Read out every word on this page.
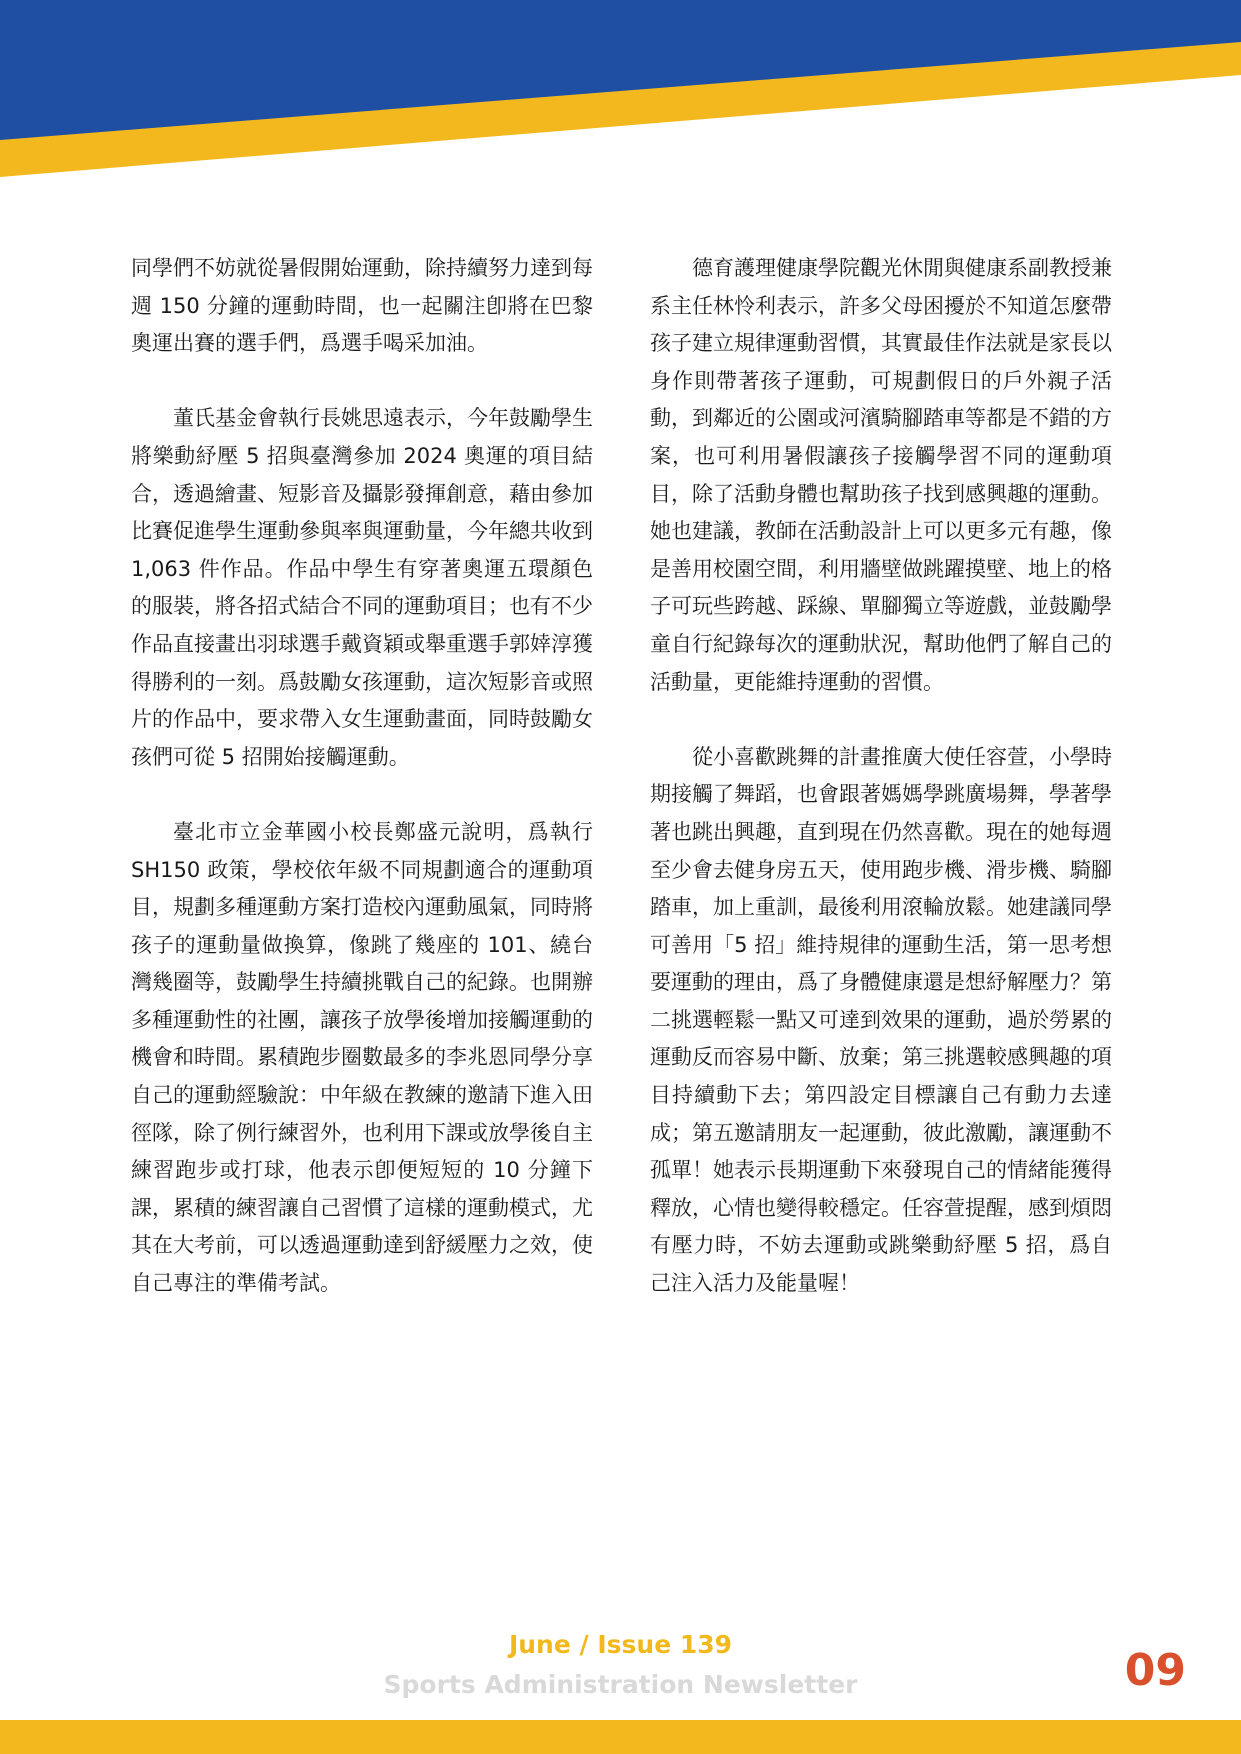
同學們不妨就從暑假開始運動，除持續努力達到每週 150 分鐘的運動時間，也一起關注卽將在巴黎奧運出賽的選手們，爲選手喝采加油。

董氏基金會執行長姚思遠表示，今年鼓勵學生將樂動紓壓 5 招與臺灣參加 2024 奧運的項目結合，透過繪畫、短影音及攝影發揮創意，藉由參加比賽促進學生運動參與率與運動量，今年總共收到 1,063 件作品。作品中學生有穿著奧運五環顏色的服裝，將各招式結合不同的運動項目；也有不少作品直接畫出羽球選手戴資穎或舉重選手郭婞淳獲得勝利的一刻。爲鼓勵女孩運動，這次短影音或照片的作品中，要求帶入女生運動畫面，同時鼓勵女孩們可從 5 招開始接觸運動。

臺北市立金華國小校長鄭盛元說明，爲執行 SH150 政策，學校依年級不同規劃適合的運動項目，規劃多種運動方案打造校內運動風氣，同時將孩子的運動量做換算，像跳了幾座的 101、繞台灣幾圈等，鼓勵學生持續挑戰自己的紀錄。也開辦多種運動性的社團，讓孩子放學後增加接觸運動的機會和時間。累積跑步圈數最多的李兆恩同學分享自己的運動經驗說：中年級在教練的邀請下進入田徑隊，除了例行練習外，也利用下課或放學後自主練習跑步或打球，他表示卽便短短的 10 分鐘下課，累積的練習讓自己習慣了這樣的運動模式，尤其在大考前，可以透過運動達到舒緩壓力之效，使自己專注的準備考試。

德育護理健康學院觀光休閒與健康系副教授兼系主任林怜利表示，許多父母困擾於不知道怎麼帶孩子建立規律運動習慣，其實最佳作法就是家長以身作則帶著孩子運動，可規劃假日的戶外親子活動，到鄰近的公園或河濱騎腳踏車等都是不錯的方案，也可利用暑假讓孩子接觸學習不同的運動項目，除了活動身體也幫助孩子找到感興趣的運動。她也建議，教師在活動設計上可以更多元有趣，像是善用校園空間，利用牆壁做跳躍摸壁、地上的格子可玩些跨越、踩線、單腳獨立等遊戲，並鼓勵學童自行紀錄每次的運動狀況，幫助他們了解自己的活動量，更能維持運動的習慣。

從小喜歡跳舞的計畫推廣大使任容萱，小學時期接觸了舞蹈，也會跟著媽媽學跳廣場舞，學著學著也跳出興趣，直到現在仍然喜歡。現在的她每週至少會去健身房五天，使用跑步機、滑步機、騎腳踏車，加上重訓，最後利用滾輪放鬆。她建議同學可善用「5 招」維持規律的運動生活，第一思考想要運動的理由，爲了身體健康還是想紓解壓力？第二挑選輕鬆一點又可達到效果的運動，過於勞累的運動反而容易中斷、放棄；第三挑選較感興趣的項目持續動下去；第四設定目標讓自己有動力去達成；第五邀請朋友一起運動，彼此激勵，讓運動不孤單！她表示長期運動下來發現自己的情緒能獲得釋放，心情也變得較穩定。任容萱提醒，感到煩悶有壓力時，不妨去運動或跳樂動紓壓 5 招，爲自己注入活力及能量喔！

June / Issue 139
Sports Administration Newsletter	09
